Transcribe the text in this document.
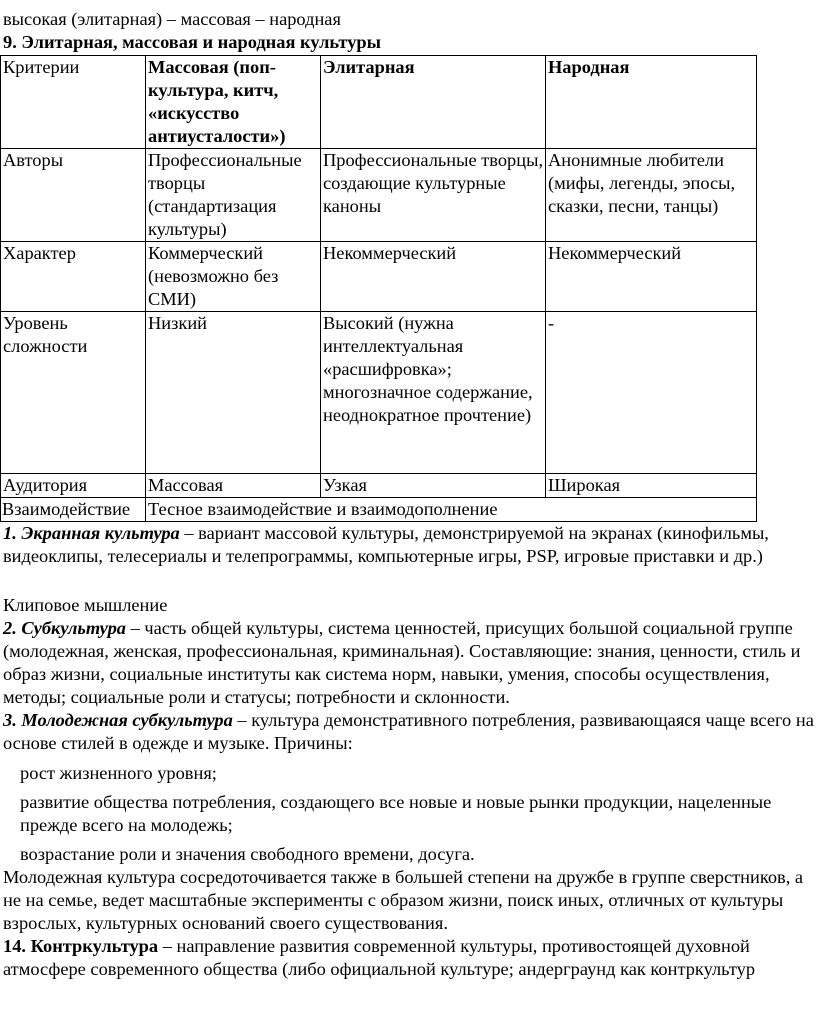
высокая (элитарная) – массовая – народная
9. Элитарная, массовая и народная культуры
Критерии	Массовая (поп-культура, китч, «искусство антиусталости»)	Элитарная	Народная
Авторы	Профессиональные творцы (стандартизация культуры)	Профессиональные творцы, создающие культурные каноны	Анонимные любители (мифы, легенды, эпосы, сказки, песни, танцы)
Характер	Коммерческий (невозможно без СМИ)	Некоммерческий	Некоммерческий
Уровень сложности	Низкий	Высокий (нужна интеллектуальная «расшифровка»; многозначное содержание, неоднократное прочтение)	-
Аудитория	Массовая	Узкая	Широкая
Взаимодействие	Тесное взаимодействие и взаимодополнение		

1. Экранная культура – вариант массовой культуры, демонстрируемой на экранах (кинофильмы, видеоклипы, телесериалы и телепрограммы, компьютерные игры, PSP, игровые приставки и др.)

Клиповое мышление

2. Субкультура – часть общей культуры, система ценностей, присущих большой социальной группе (молодежная, женская, профессиональная, криминальная). Составляющие: знания, ценности, стиль и образ жизни, социальные институты как система норм, навыки, умения, способы осуществления, методы; социальные роли и статусы; потребности и склонности.

3. Молодежная субкультура – культура демонстративного потребления, развивающаяся чаще всего на основе стилей в одежде и музыке. Причины:

рост жизненного уровня;
развитие общества потребления, создающего все новые и новые рынки продукции, нацеленные прежде всего на молодежь;
возрастание роли и значения свободного времени, досуга.
Молодежная культура сосредоточивается также в большей степени на дружбе в группе сверстников, а не на семье, ведет масштабные эксперименты с образом жизни, поиск иных, отличных от культуры взрослых, культурных оснований своего существования.

14. Контркультура – направление развития современной культуры, противостоящей духовной атмосфере современного общества (либо официальной культуре; андерграунд как контркультур
